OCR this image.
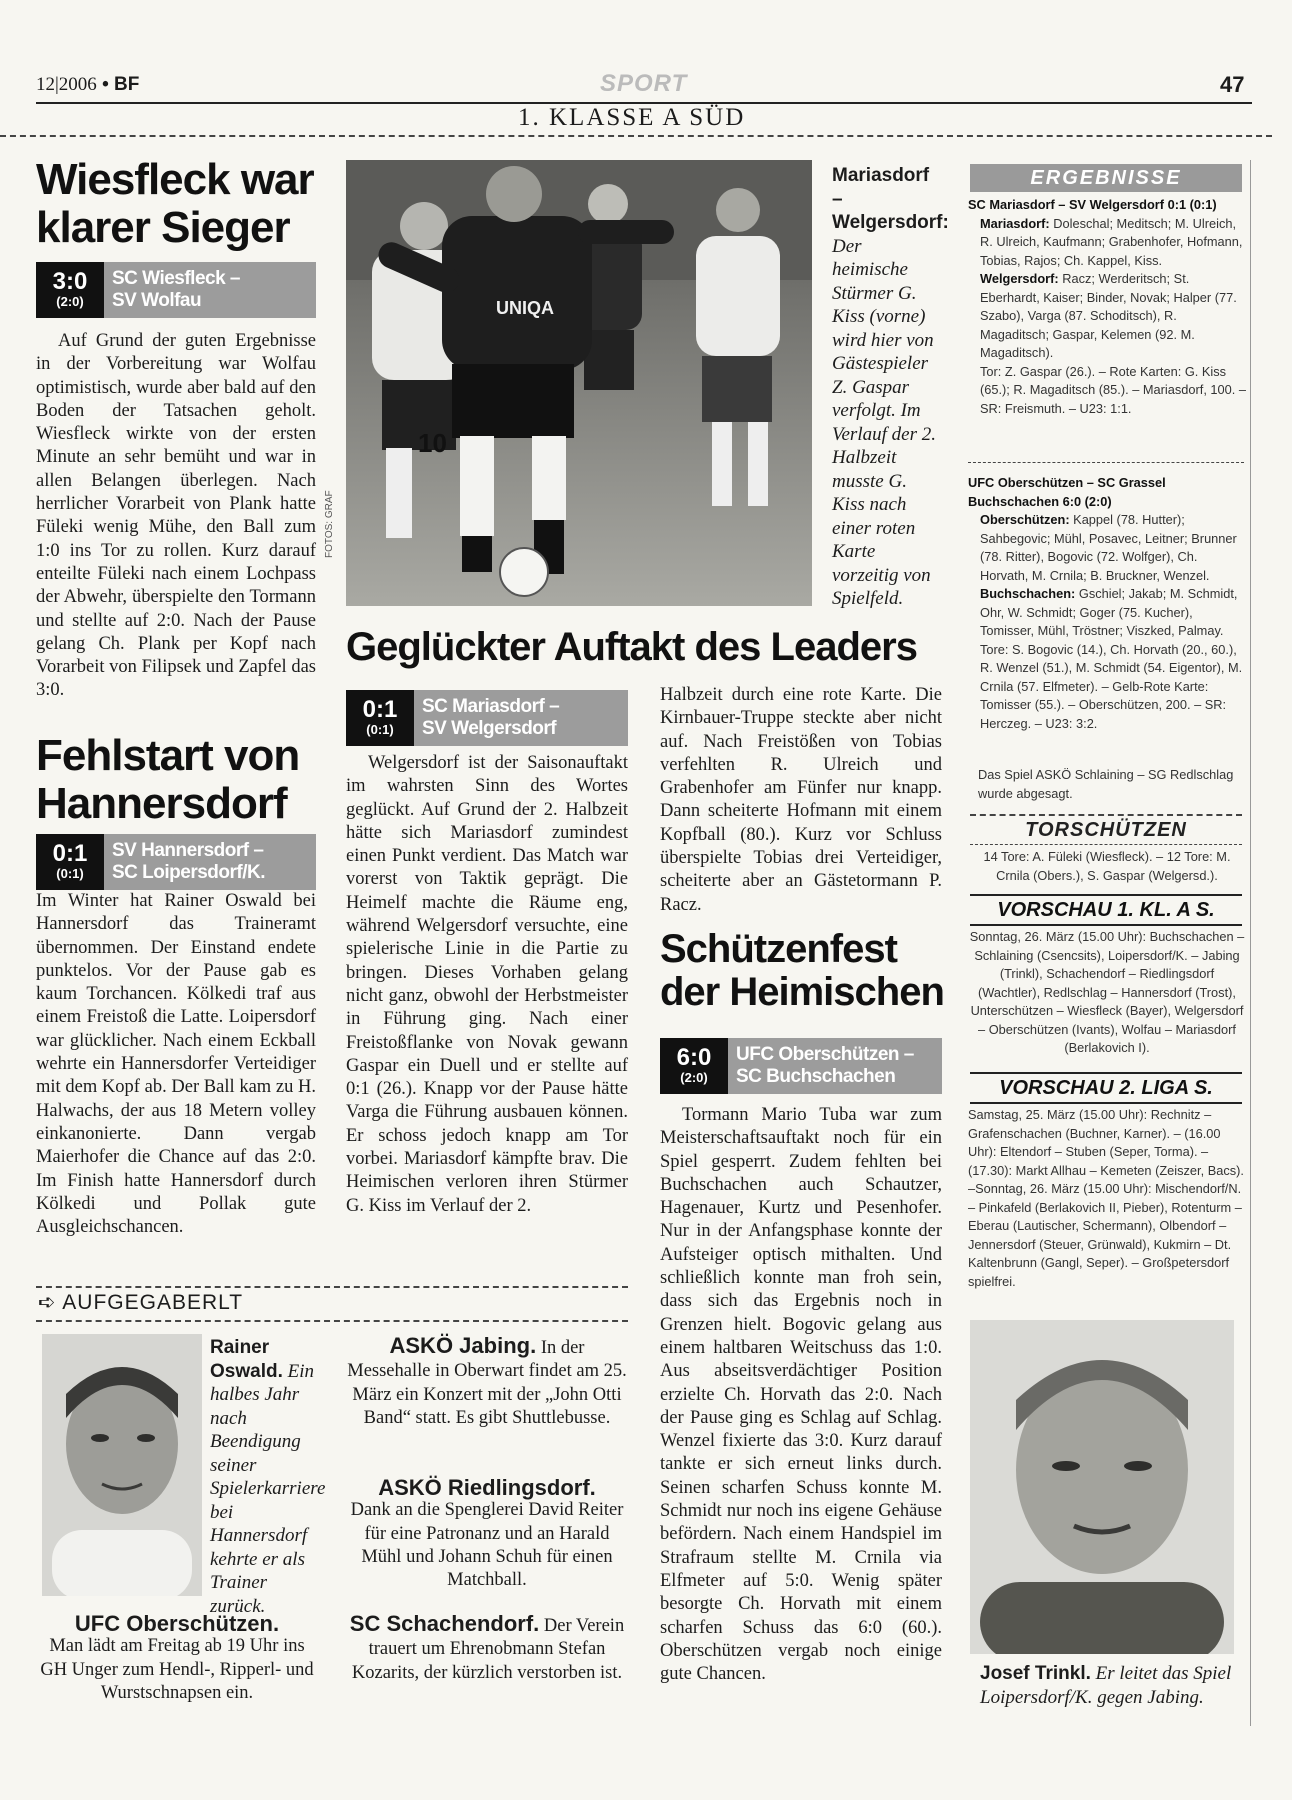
12|2006 • BF	SPORT	47
1. KLASSE A SÜD
Wiesfleck war klarer Sieger
3:0
(2:0)
SC Wiesfleck –
SV Wolfau
Auf Grund der guten Ergebnisse in der Vorbereitung war Wolfau optimistisch, wurde aber bald auf den Boden der Tatsachen geholt. Wiesfleck wirkte von der ersten Minute an sehr bemüht und war in allen Belangen überlegen. Nach herrlicher Vorarbeit von Plank hatte Füleki wenig Mühe, den Ball zum 1:0 ins Tor zu rollen. Kurz darauf enteilte Füleki nach einem Lochpass der Abwehr, überspielte den Tormann und stellte auf 2:0. Nach der Pause gelang Ch. Plank per Kopf nach Vorarbeit von Filipsek und Zapfel das 3:0.
Fehlstart von Hannersdorf
0:1
(0:1)
SV Hannersdorf –
SC Loipersdorf/K.
Im Winter hat Rainer Oswald bei Hannersdorf das Traineramt übernommen. Der Einstand endete punktelos. Vor der Pause gab es kaum Torchancen. Kölkedi traf aus einem Freistoß die Latte. Loipersdorf war glücklicher. Nach einem Eckball wehrte ein Hannersdorfer Verteidiger mit dem Kopf ab. Der Ball kam zu H. Halwachs, der aus 18 Metern volley einkanonierte. Dann vergab Maierhofer die Chance auf das 2:0. Im Finish hatte Hannersdorf durch Kölkedi und Pollak gute Ausgleichschancen.
UNIQA
10
FOTOS: GRAF
Mariasdorf – Welgersdorf: Der heimische Stürmer G. Kiss (vorne) wird hier von Gästespieler Z. Gaspar verfolgt. Im Verlauf der 2. Halbzeit musste G. Kiss nach einer roten Karte vorzeitig von Spielfeld.
Geglückter Auftakt des Leaders
0:1
(0:1)
SC Mariasdorf –
SV Welgersdorf
Welgersdorf ist der Saisonauftakt im wahrsten Sinn des Wortes geglückt. Auf Grund der 2. Halbzeit hätte sich Mariasdorf zumindest einen Punkt verdient. Das Match war vorerst von Taktik geprägt. Die Heimelf machte die Räume eng, während Welgersdorf versuchte, eine spielerische Linie in die Partie zu bringen. Dieses Vorhaben gelang nicht ganz, obwohl der Herbstmeister in Führung ging. Nach einer Freistoßflanke von Novak gewann Gaspar ein Duell und er stellte auf 0:1 (26.). Knapp vor der Pause hätte Varga die Führung ausbauen können. Er schoss jedoch knapp am Tor vorbei. Mariasdorf kämpfte brav. Die Heimischen verloren ihren Stürmer G. Kiss im Verlauf der 2.
Halbzeit durch eine rote Karte. Die Kirnbauer-Truppe steckte aber nicht auf. Nach Freistößen von Tobias verfehlten R. Ulreich und Grabenhofer am Fünfer nur knapp. Dann scheiterte Hofmann mit einem Kopfball (80.). Kurz vor Schluss überspielte Tobias drei Verteidiger, scheiterte aber an Gästetormann P. Racz.
Schützenfest der Heimischen
6:0
(2:0)
UFC Oberschützen –
SC Buchschachen
Tormann Mario Tuba war zum Meisterschaftsauftakt noch für ein Spiel gesperrt. Zudem fehlten bei Buchschachen auch Schautzer, Hagenauer, Kurtz und Pesenhofer. Nur in der Anfangsphase konnte der Aufsteiger optisch mithalten. Und schließlich konnte man froh sein, dass sich das Ergebnis noch in Grenzen hielt. Bogovic gelang aus einem haltbaren Weitschuss das 1:0. Aus abseitsverdächtiger Position erzielte Ch. Horvath das 2:0. Nach der Pause ging es Schlag auf Schlag. Wenzel fixierte das 3:0. Kurz darauf tankte er sich erneut links durch. Seinen scharfen Schuss konnte M. Schmidt nur noch ins eigene Gehäuse befördern. Nach einem Handspiel im Strafraum stellte M. Crnila via Elfmeter auf 5:0. Wenig später besorgte Ch. Horvath mit einem scharfen Schuss das 6:0 (60.). Oberschützen vergab noch einige gute Chancen.
➪ AUFGEGABERLT
Rainer Oswald. Ein halbes Jahr nach Beendigung seiner Spielerkarriere bei Hannersdorf kehrte er als Trainer zurück.
UFC Oberschützen.
Man lädt am Freitag ab 19 Uhr ins GH Unger zum Hendl-, Ripperl- und Wurstschnapsen ein.
ASKÖ Jabing. In der Messehalle in Oberwart findet am 25. März ein Konzert mit der „John Otti Band“ statt. Es gibt Shuttlebusse.
ASKÖ Riedlingsdorf.
Dank an die Spenglerei David Reiter für eine Patronanz und an Harald Mühl und Johann Schuh für einen Matchball.
SC Schachendorf. Der Verein trauert um Ehrenobmann Stefan Kozarits, der kürzlich verstorben ist.
ERGEBNISSE
SC Mariasdorf – SV Welgersdorf 0:1 (0:1)
Mariasdorf: Doleschal; Meditsch; M. Ulreich, R. Ulreich, Kaufmann; Grabenhofer, Hofmann, Tobias, Rajos; Ch. Kappel, Kiss.
Welgersdorf: Racz; Werderitsch; St. Eberhardt, Kaiser; Binder, Novak; Halper (77. Szabo), Varga (87. Schoditsch), R. Magaditsch; Gaspar, Kelemen (92. M. Magaditsch).
Tor: Z. Gaspar (26.). – Rote Karten: G. Kiss (65.); R. Magaditsch (85.). – Mariasdorf, 100. – SR: Freismuth. – U23: 1:1.
UFC Oberschützen – SC Grassel Buchschachen 6:0 (2:0)
Oberschützen: Kappel (78. Hutter); Sahbegovic; Mühl, Posavec, Leitner; Brunner (78. Ritter), Bogovic (72. Wolfger), Ch. Horvath, M. Crnila; B. Bruckner, Wenzel.
Buchschachen: Gschiel; Jakab; M. Schmidt, Ohr, W. Schmidt; Goger (75. Kucher), Tomisser, Mühl, Tröstner; Viszked, Palmay.
Tore: S. Bogovic (14.), Ch. Horvath (20., 60.), R. Wenzel (51.), M. Schmidt (54. Eigentor), M. Crnila (57. Elfmeter). – Gelb-Rote Karte: Tomisser (55.). – Oberschützen, 200. – SR: Herczeg. – U23: 3:2.
Das Spiel ASKÖ Schlaining – SG Redlschlag wurde abgesagt.
TORSCHÜTZEN
14 Tore: A. Füleki (Wiesfleck). – 12 Tore: M. Crnila (Obers.), S. Gaspar (Welgersd.).
VORSCHAU 1. KL. A S.
Sonntag, 26. März (15.00 Uhr): Buchschachen – Schlaining (Csencsits), Loipersdorf/K. – Jabing (Trinkl), Schachendorf – Riedlingsdorf (Wachtler), Redlschlag – Hannersdorf (Trost), Unterschützen – Wiesfleck (Bayer), Welgersdorf – Oberschützen (Ivants), Wolfau – Mariasdorf (Berlakovich I).
VORSCHAU 2. LIGA S.
Samstag, 25. März (15.00 Uhr): Rechnitz – Grafenschachen (Buchner, Karner). – (16.00 Uhr): Eltendorf – Stuben (Seper, Torma). – (17.30): Markt Allhau – Kemeten (Zeiszer, Bacs). –Sonntag, 26. März (15.00 Uhr): Mischendorf/N. – Pinkafeld (Berlakovich II, Pieber), Rotenturm – Eberau (Lautischer, Schermann), Olbendorf – Jennersdorf (Steuer, Grünwald), Kukmirn – Dt. Kaltenbrunn (Gangl, Seper). – Großpetersdorf spielfrei.
Josef Trinkl. Er leitet das Spiel Loipersdorf/K. gegen Jabing.
